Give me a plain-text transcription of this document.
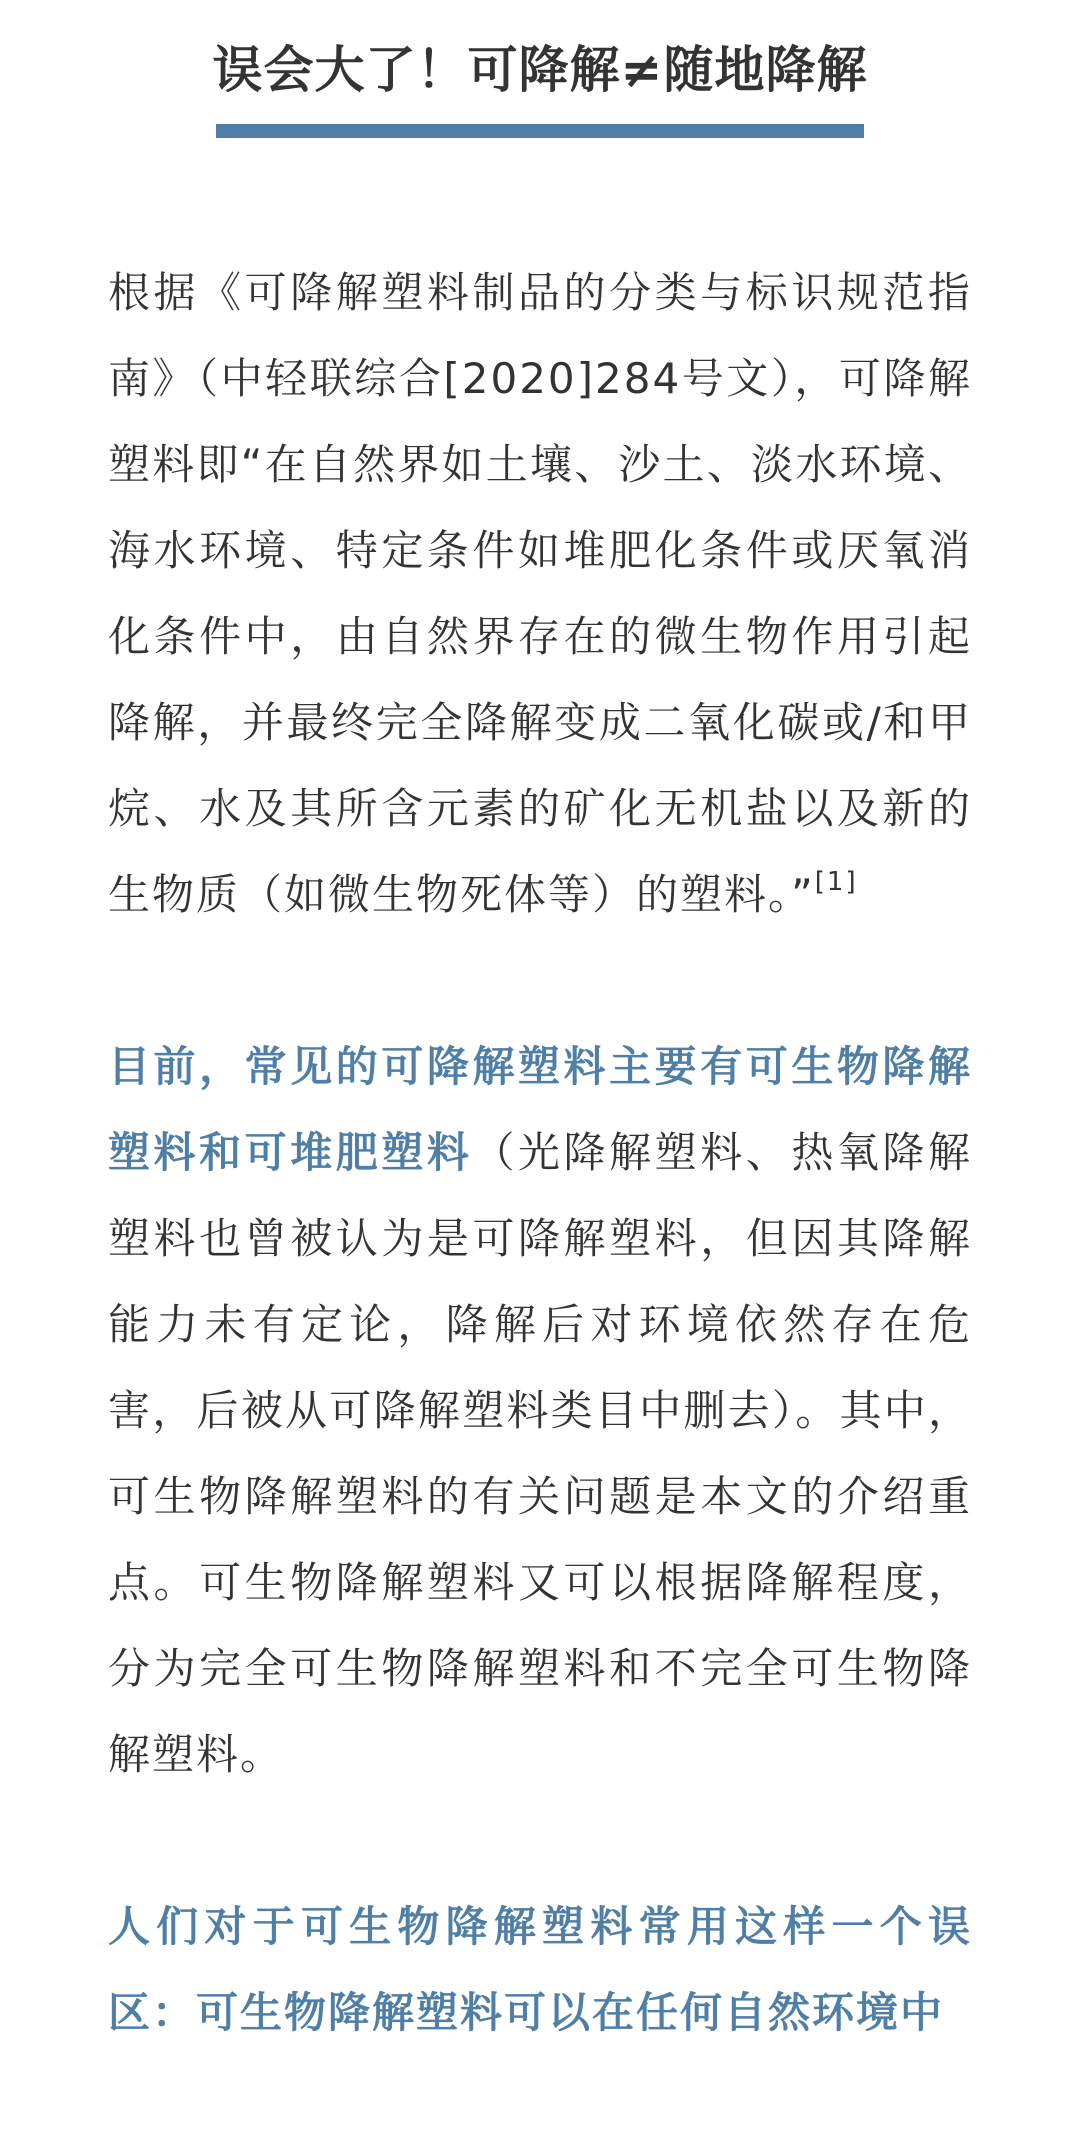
误会大了！可降解≠随地降解

根据《可降解塑料制品的分类与标识规范指南》（中轻联综合[2020]284号文），可降解塑料即“在自然界如土壤、沙土、淡水环境、海水环境、特定条件如堆肥化条件或厌氧消化条件中，由自然界存在的微生物作用引起降解，并最终完全降解变成二氧化碳或/和甲烷、水及其所含元素的矿化无机盐以及新的生物质（如微生物死体等）的塑料。”[1]

目前，常见的可降解塑料主要有可生物降解塑料和可堆肥塑料（光降解塑料、热氧降解塑料也曾被认为是可降解塑料，但因其降解能力未有定论，降解后对环境依然存在危害，后被从可降解塑料类目中删去）。其中，可生物降解塑料的有关问题是本文的介绍重点。可生物降解塑料又可以根据降解程度，分为完全可生物降解塑料和不完全可生物降解塑料。

人们对于可生物降解塑料常用这样一个误区：可生物降解塑料可以在任何自然环境中
